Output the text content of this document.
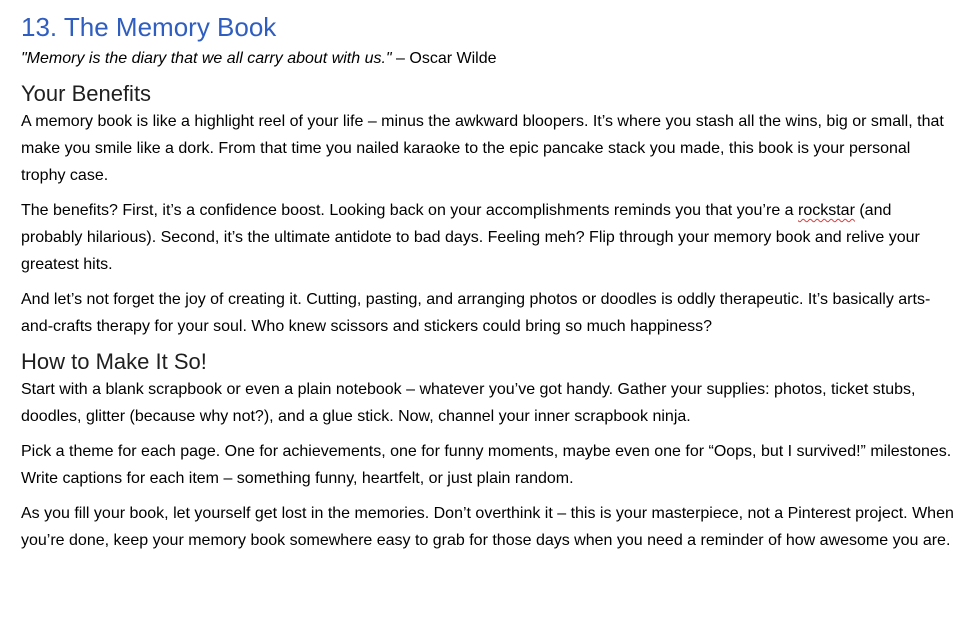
13. The Memory Book
"Memory is the diary that we all carry about with us." – Oscar Wilde
Your Benefits

A memory book is like a highlight reel of your life – minus the awkward bloopers. It’s where you stash all the wins, big or small, that make you smile like a dork. From that time you nailed karaoke to the epic pancake stack you made, this book is your personal trophy case.

The benefits? First, it’s a confidence boost. Looking back on your accomplishments reminds you that you’re a rockstar (and probably hilarious). Second, it’s the ultimate antidote to bad days. Feeling meh? Flip through your memory book and relive your greatest hits.

And let’s not forget the joy of creating it. Cutting, pasting, and arranging photos or doodles is oddly therapeutic. It’s basically arts-and-crafts therapy for your soul. Who knew scissors and stickers could bring so much happiness?

How to Make It So!

Start with a blank scrapbook or even a plain notebook – whatever you’ve got handy. Gather your supplies: photos, ticket stubs, doodles, glitter (because why not?), and a glue stick. Now, channel your inner scrapbook ninja.

Pick a theme for each page. One for achievements, one for funny moments, maybe even one for “Oops, but I survived!” milestones. Write captions for each item – something funny, heartfelt, or just plain random.

As you fill your book, let yourself get lost in the memories. Don’t overthink it – this is your masterpiece, not a Pinterest project. When you’re done, keep your memory book somewhere easy to grab for those days when you need a reminder of how awesome you are.
